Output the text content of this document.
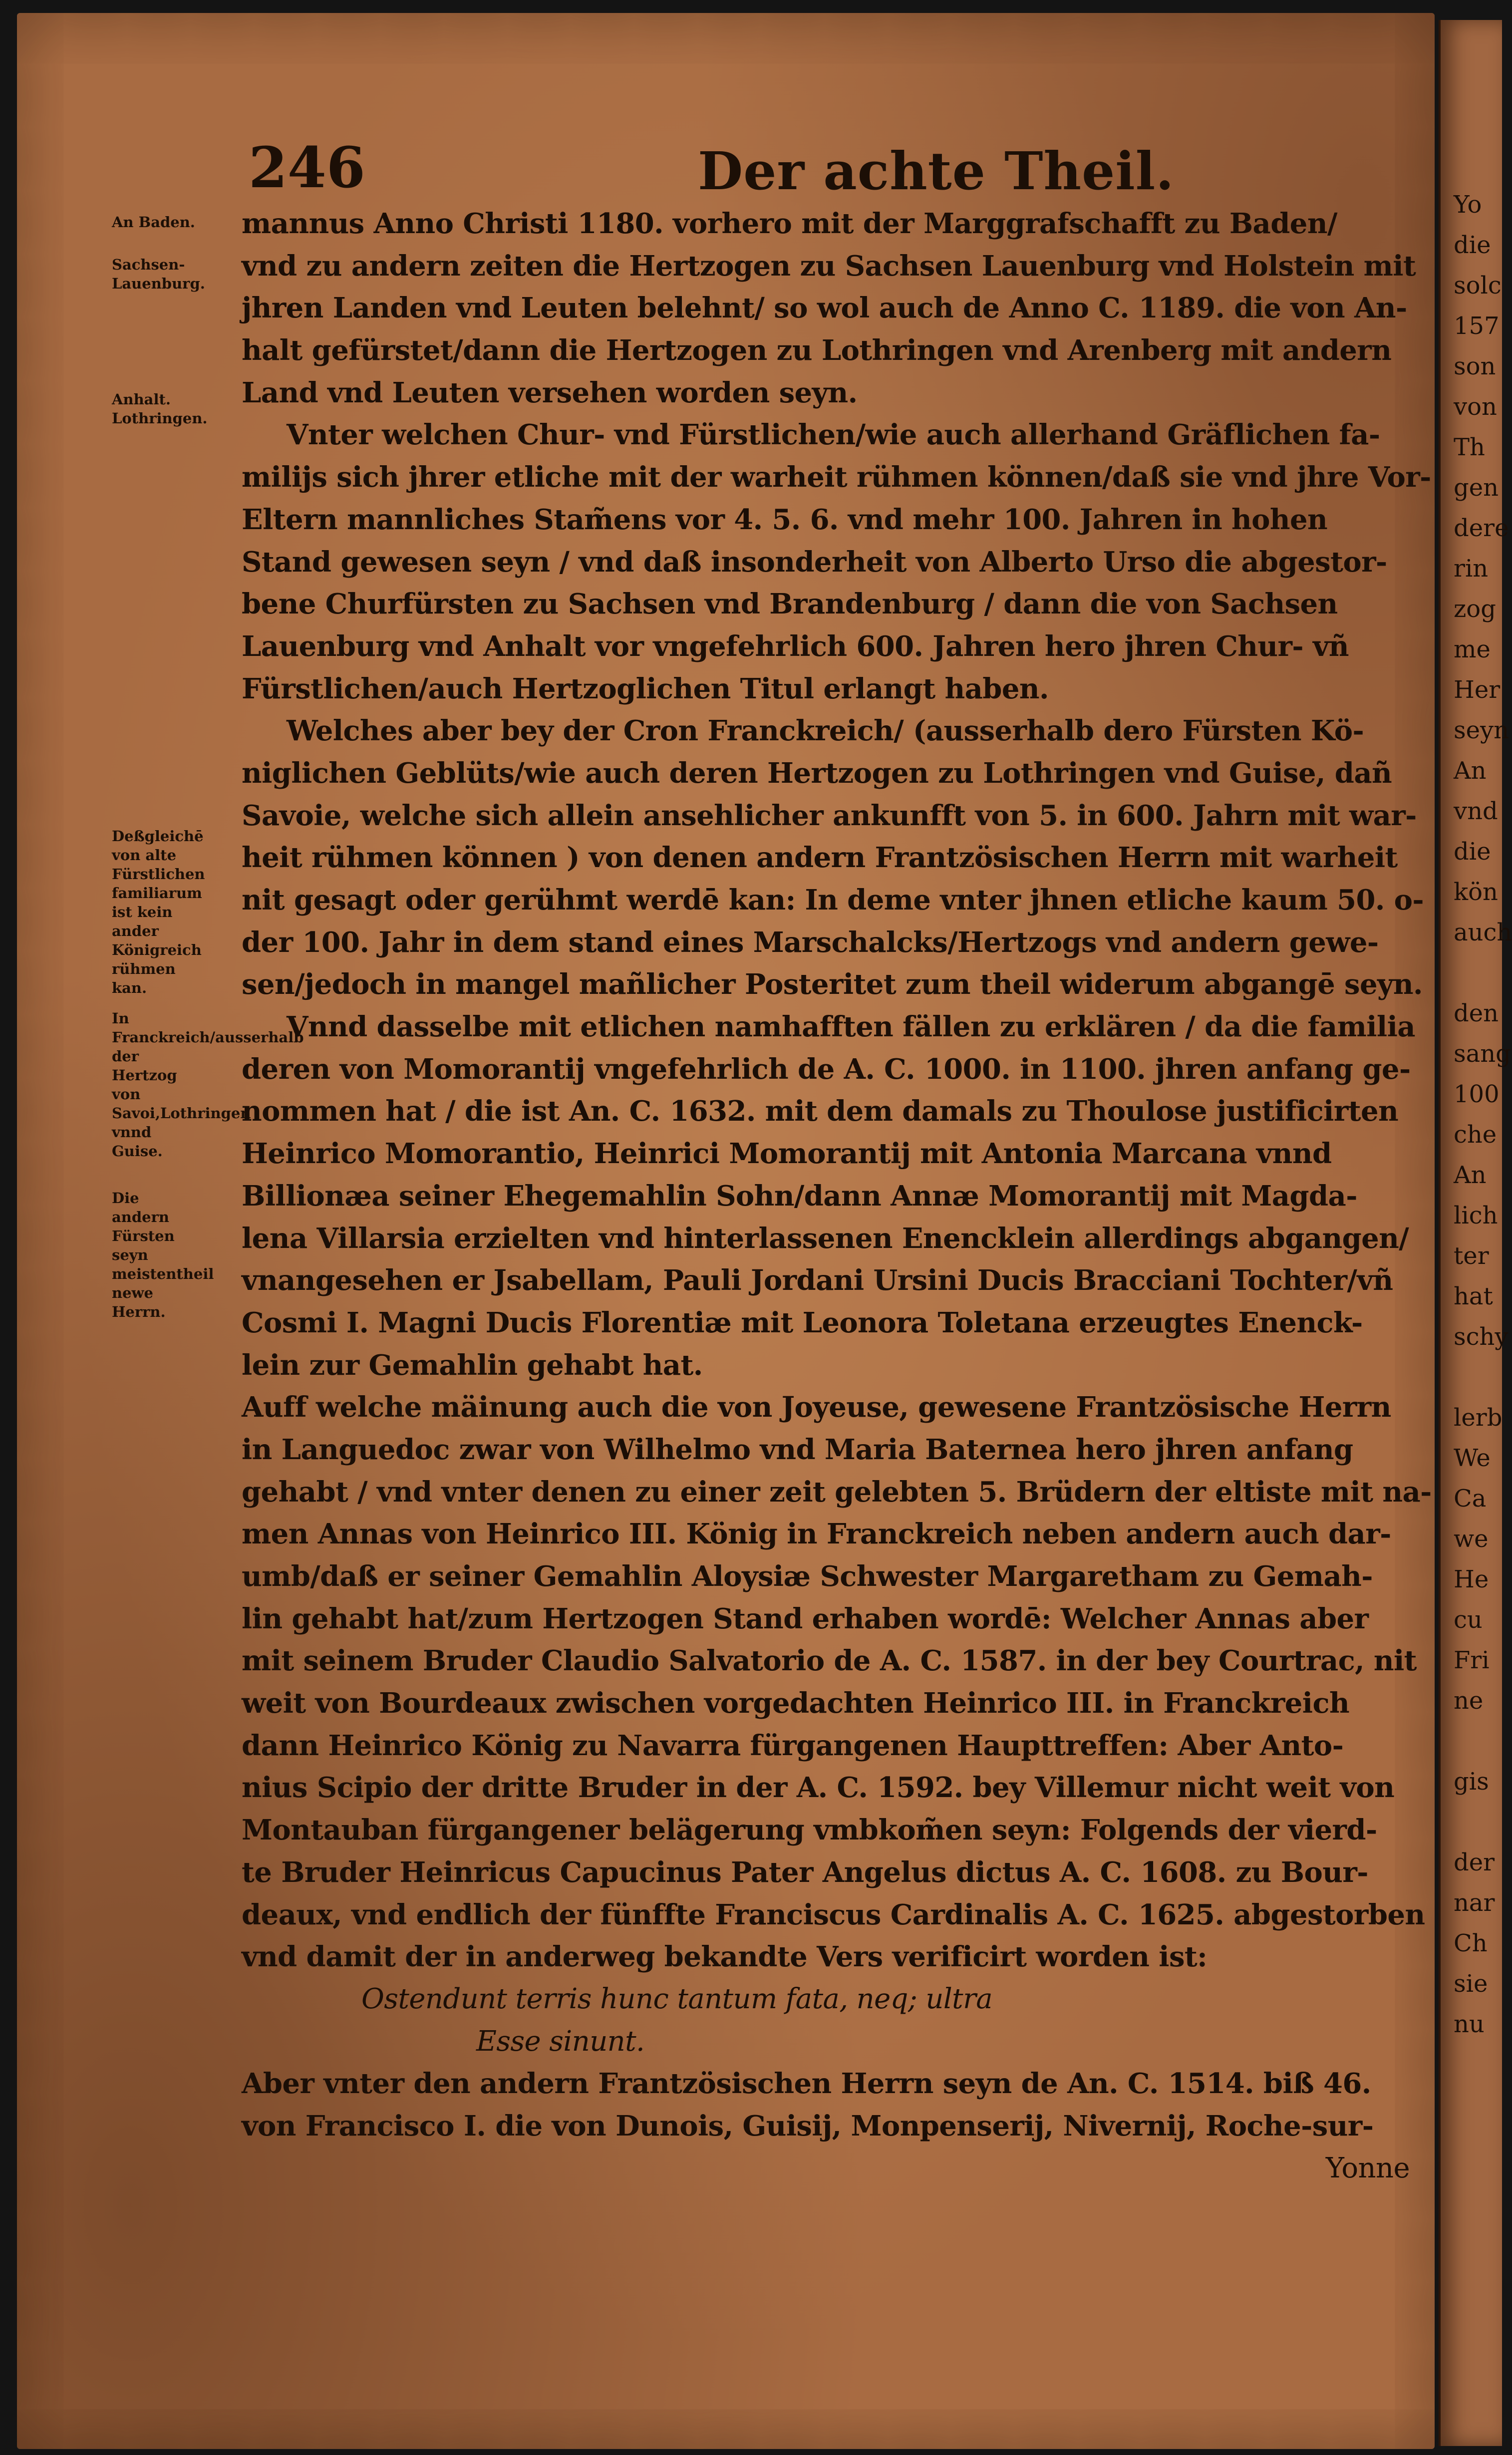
246	Der achte Theil.
An Baden.
Sachsen-Lauenburg.
Anhalt. Lothringen.
Deßgleichē von alte Fürstlichen familiarum ist kein ander Königreich rühmen kan.
In Franckreich/ausserhalb der Hertzog von Savoi,Lothringen vnnd Guise.
Die andern Fürsten seyn meistentheil newe Herrn.
mannus Anno Christi 1180. vorhero mit der Marggrafschafft zu Baden/
vnd zu andern zeiten die Hertzogen zu Sachsen Lauenburg vnd Holstein mit
jhren Landen vnd Leuten belehnt/ so wol auch de Anno C. 1189. die von An-
halt gefürstet/dann die Hertzogen zu Lothringen vnd Arenberg mit andern
Land vnd Leuten versehen worden seyn.
Vnter welchen Chur- vnd Fürstlichen/wie auch allerhand Gräflichen fa-
milijs sich jhrer etliche mit der warheit rühmen können/daß sie vnd jhre Vor-
Eltern mannliches Stam̃ens vor 4. 5. 6. vnd mehr 100. Jahren in hohen
Stand gewesen seyn / vnd daß insonderheit von Alberto Urso die abgestor-
bene Churfürsten zu Sachsen vnd Brandenburg / dann die von Sachsen
Lauenburg vnd Anhalt vor vngefehrlich 600. Jahren hero jhren Chur- vñ
Fürstlichen/auch Hertzoglichen Titul erlangt haben.
Welches aber bey der Cron Franckreich/ (ausserhalb dero Fürsten Kö-
niglichen Geblüts/wie auch deren Hertzogen zu Lothringen vnd Guise, dañ
Savoie, welche sich allein ansehlicher ankunfft von 5. in 600. Jahrn mit war-
heit rühmen können ) von denen andern Frantzösischen Herrn mit warheit
nit gesagt oder gerühmt werdē kan: In deme vnter jhnen etliche kaum 50. o-
der 100. Jahr in dem stand eines Marschalcks/Hertzogs vnd andern gewe-
sen/jedoch in mangel mañlicher Posteritet zum theil widerum abgangē seyn.
Vnnd dasselbe mit etlichen namhafften fällen zu erklären / da die familia
deren von Momorantij vngefehrlich de A. C. 1000. in 1100. jhren anfang ge-
nommen hat / die ist An. C. 1632. mit dem damals zu Thoulose justificirten
Heinrico Momorantio, Heinrici Momorantij mit Antonia Marcana vnnd
Billionæa seiner Ehegemahlin Sohn/dann Annæ Momorantij mit Magda-
lena Villarsia erzielten vnd hinterlassenen Enencklein allerdings abgangen/
vnangesehen er Jsabellam, Pauli Jordani Ursini Ducis Bracciani Tochter/vñ
Cosmi I. Magni Ducis Florentiæ mit Leonora Toletana erzeugtes Enenck-
lein zur Gemahlin gehabt hat.
Auff welche mäinung auch die von Joyeuse, gewesene Frantzösische Herrn
in Languedoc zwar von Wilhelmo vnd Maria Baternea hero jhren anfang
gehabt / vnd vnter denen zu einer zeit gelebten 5. Brüdern der eltiste mit na-
men Annas von Heinrico III. König in Franckreich neben andern auch dar-
umb/daß er seiner Gemahlin Aloysiæ Schwester Margaretham zu Gemah-
lin gehabt hat/zum Hertzogen Stand erhaben wordē: Welcher Annas aber
mit seinem Bruder Claudio Salvatorio de A. C. 1587. in der bey Courtrac, nit
weit von Bourdeaux zwischen vorgedachten Heinrico III. in Franckreich
dann Heinrico König zu Navarra fürgangenen Haupttreffen: Aber Anto-
nius Scipio der dritte Bruder in der A. C. 1592. bey Villemur nicht weit von
Montauban fürgangener belägerung vmbkom̃en seyn: Folgends der vierd-
te Bruder Heinricus Capucinus Pater Angelus dictus A. C. 1608. zu Bour-
deaux, vnd endlich der fünffte Franciscus Cardinalis A. C. 1625. abgestorben
vnd damit der in anderweg bekandte Vers verificirt worden ist:
Ostendunt terris hunc tantum fata, neq; ultra
Esse sinunt.
Aber vnter den andern Frantzösischen Herrn seyn de An. C. 1514. biß 46.
von Francisco I. die von Dunois, Guisij, Monpenserij, Nivernij, Roche-sur-
Yonne
Yo
die
solc
157
son
von
Th
gen
dere
rin
zog
me
Her
seyn
An
vnd
die
kön
auch
den
sang
100
che
An
lich
ter
hat
schy
lerb
We
Ca
we
He
cu
Fri
ne
gis
der
nar
Ch
sie
nu
